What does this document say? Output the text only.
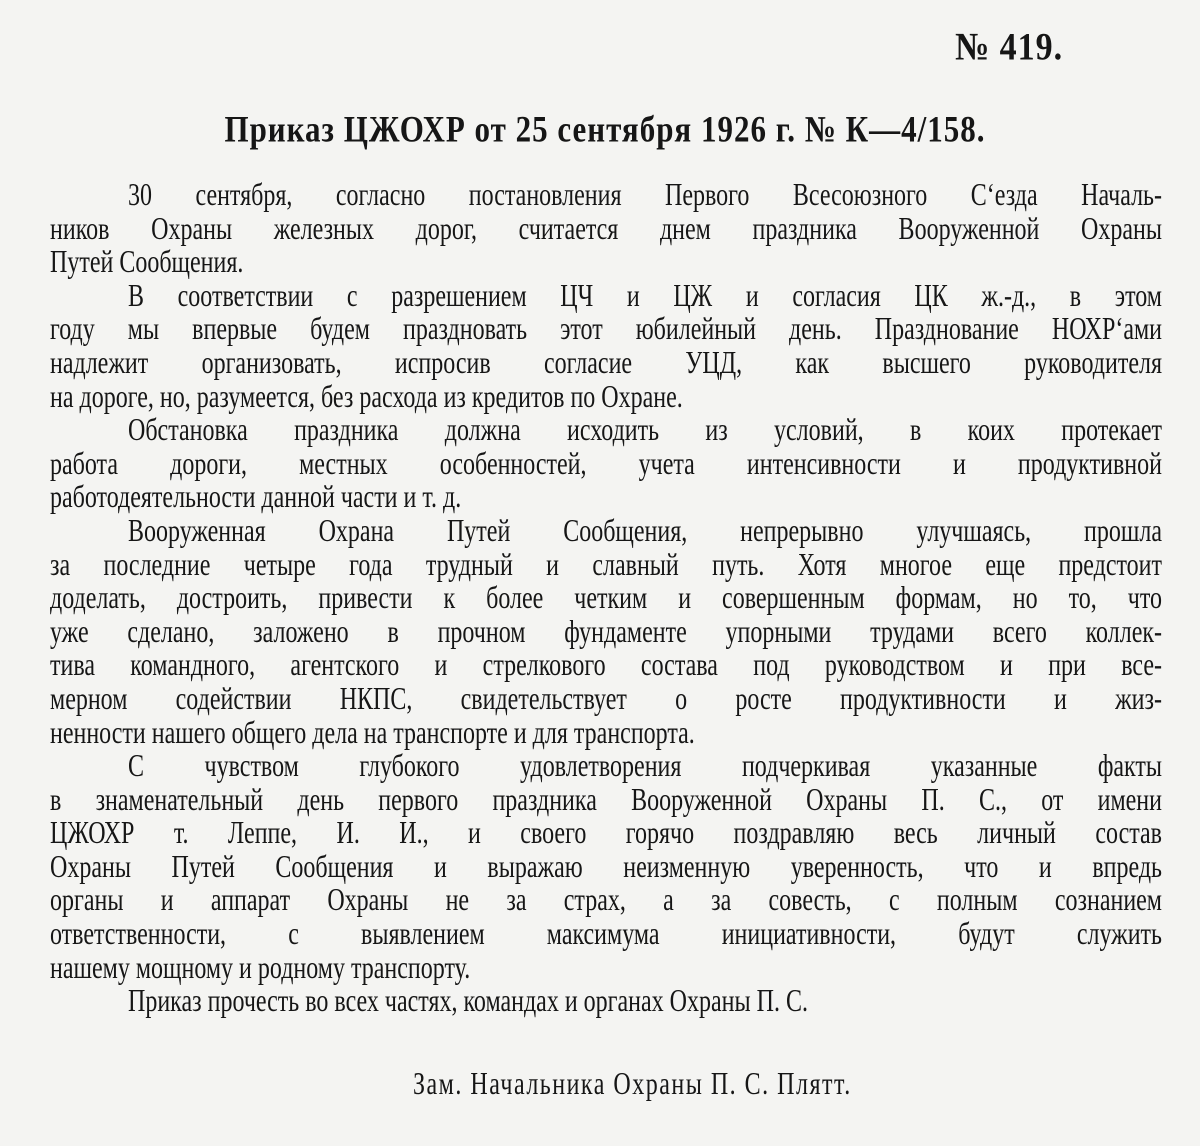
№ 419.
Приказ ЦЖОХР от 25 сентября 1926 г. № К—4/158.
30 сентября, согласно постановления Первого Всесоюзного С‘езда Началь-
ников Охраны железных дорог, считается днем праздника Вооруженной Охраны
Путей Сообщения.
В соответствии с разрешением ЦЧ и ЦЖ и согласия ЦК ж.-д., в этом
году мы впервые будем праздновать этот юбилейный день. Празднование НОХР‘ами
надлежит организовать, испросив согласие УЦД, как высшего руководителя
на дороге, но, разумеется, без расхода из кредитов по Охране.
Обстановка праздника должна исходить из условий, в коих протекает
работа дороги, местных особенностей, учета интенсивности и продуктивной
работодеятельности данной части и т. д.
Вооруженная Охрана Путей Сообщения, непрерывно улучшаясь, прошла
за последние четыре года трудный и славный путь. Хотя многое еще предстоит
доделать, достроить, привести к более четким и совершенным формам, но то, что
уже сделано, заложено в прочном фундаменте упорными трудами всего коллек-
тива командного, агентского и стрелкового состава под руководством и при все-
мерном содействии НКПС, свидетельствует о росте продуктивности и жиз-
ненности нашего общего дела на транспорте и для транспорта.
С чувством глубокого удовлетворения подчеркивая указанные факты
в знаменательный день первого праздника Вооруженной Охраны П. С., от имени
ЦЖОХР т. Леппе, И. И., и своего горячо поздравляю весь личный состав
Охраны Путей Сообщения и выражаю неизменную уверенность, что и впредь
органы и аппарат Охраны не за страх, а за совесть, с полным сознанием
ответственности, с выявлением максимума инициативности, будут служить
нашему мощному и родному транспорту.
Приказ прочесть во всех частях, командах и органах Охраны П. С.
Зам. Начальника Охраны П. С. Плятт.
